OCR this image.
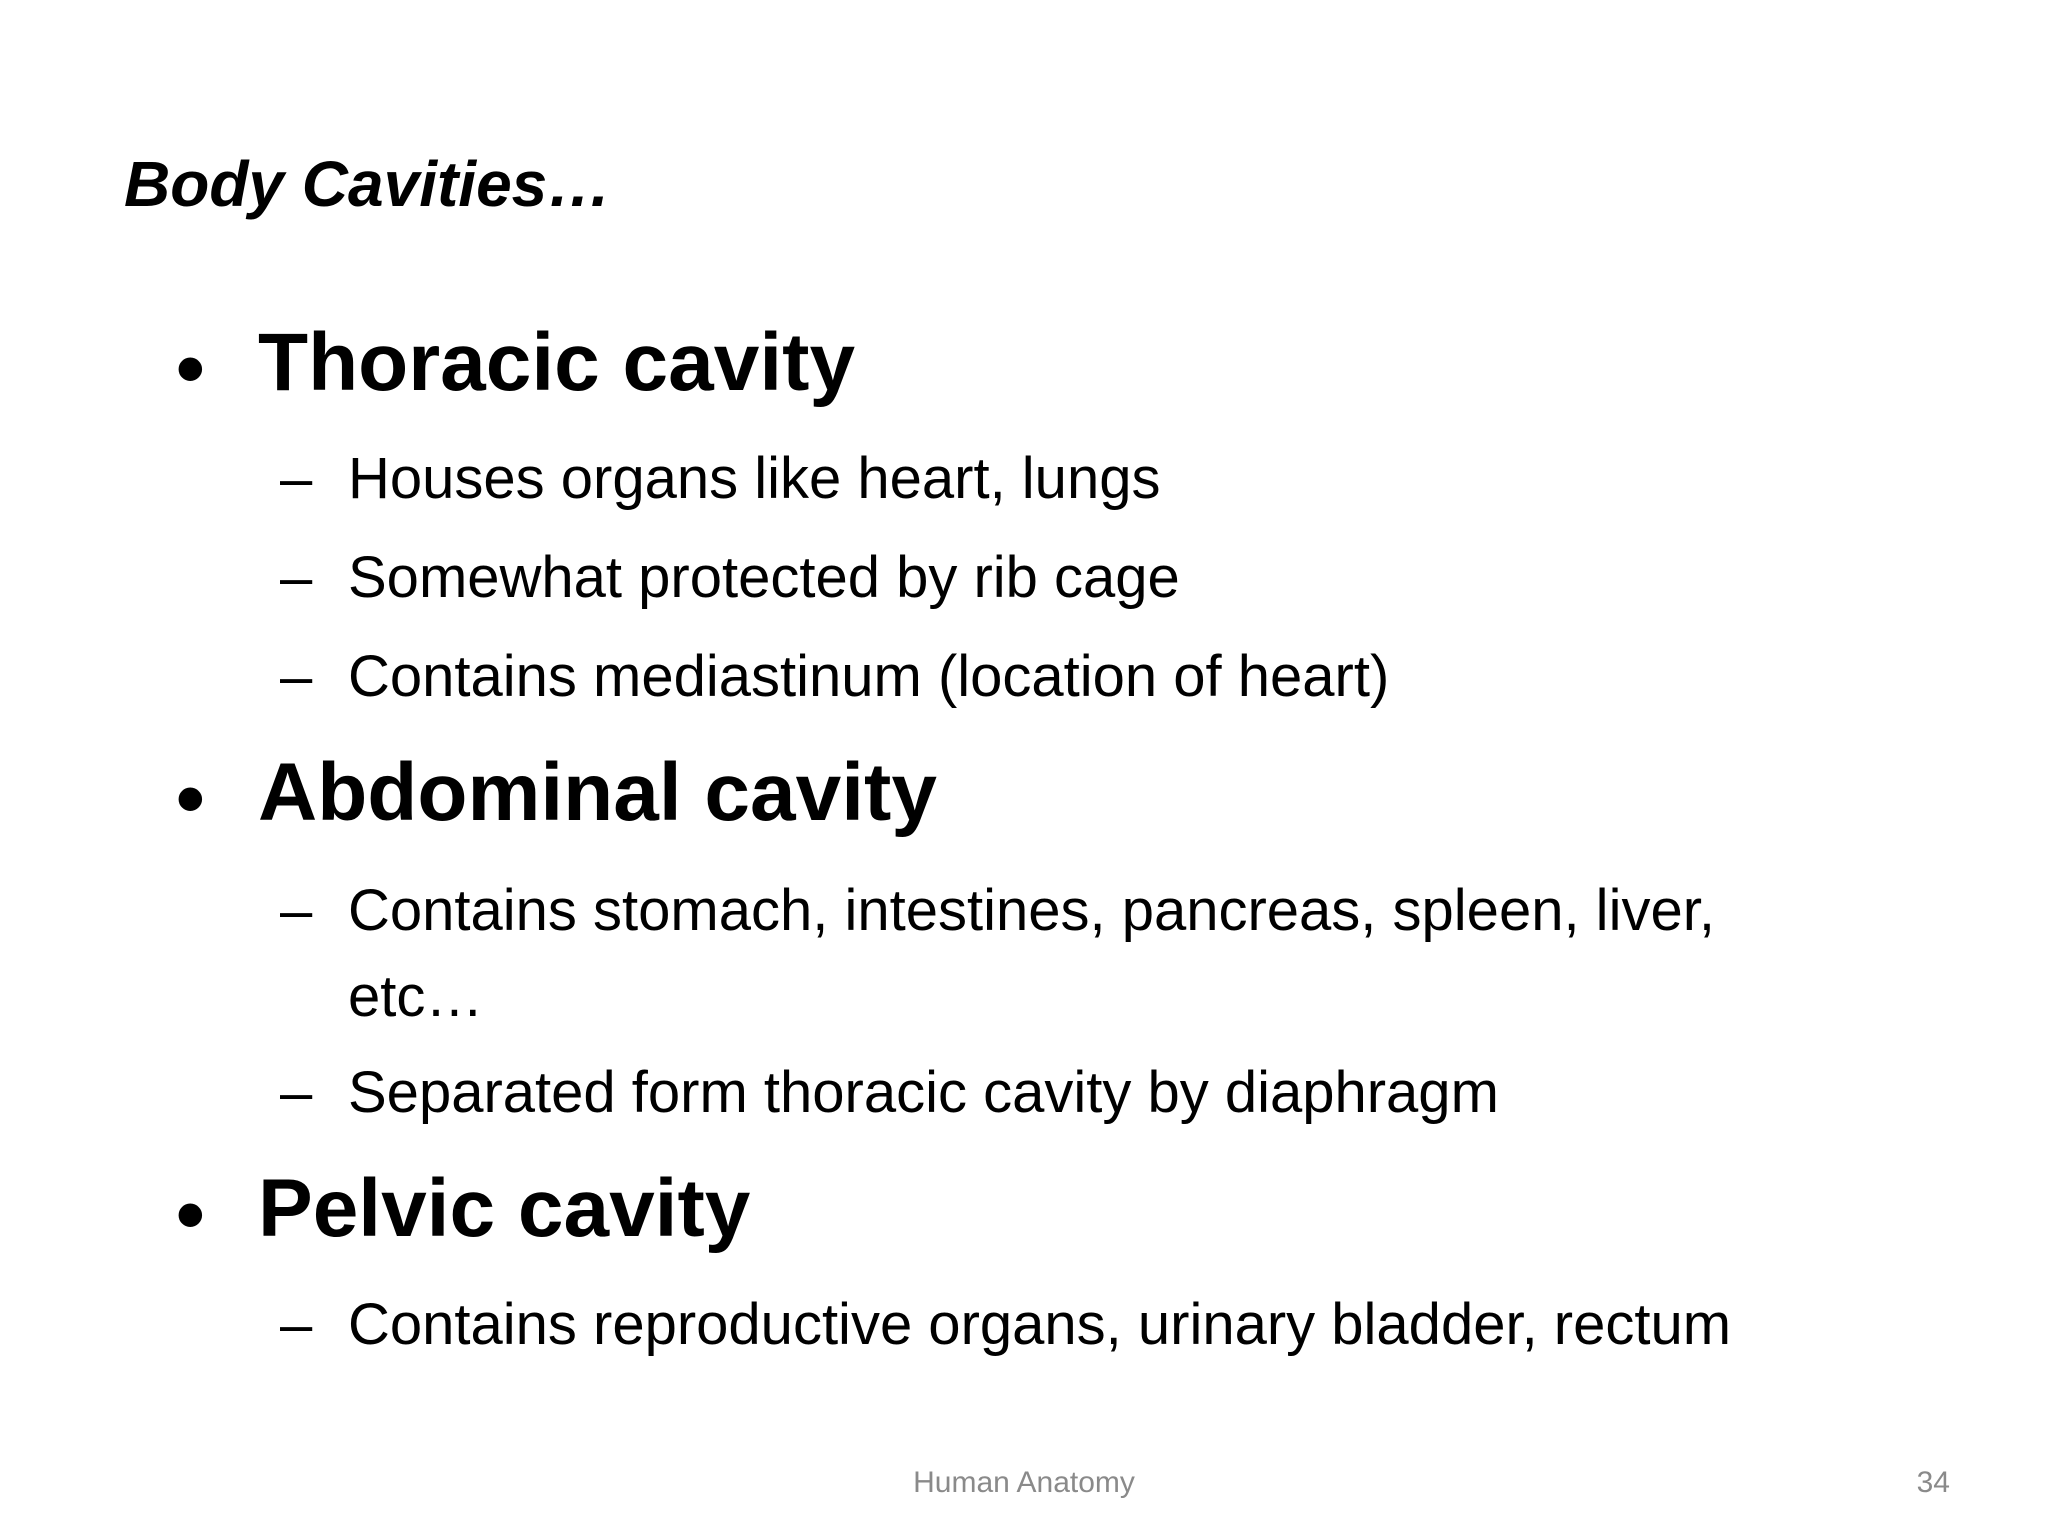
Body Cavities…
• Thoracic cavity
– Houses organs like heart, lungs
– Somewhat protected by rib cage
– Contains mediastinum (location of heart)
• Abdominal cavity
– Contains stomach, intestines, pancreas, spleen, liver, etc…
– Separated form thoracic cavity by diaphragm
• Pelvic cavity
– Contains reproductive organs, urinary bladder, rectum
Human Anatomy	34
